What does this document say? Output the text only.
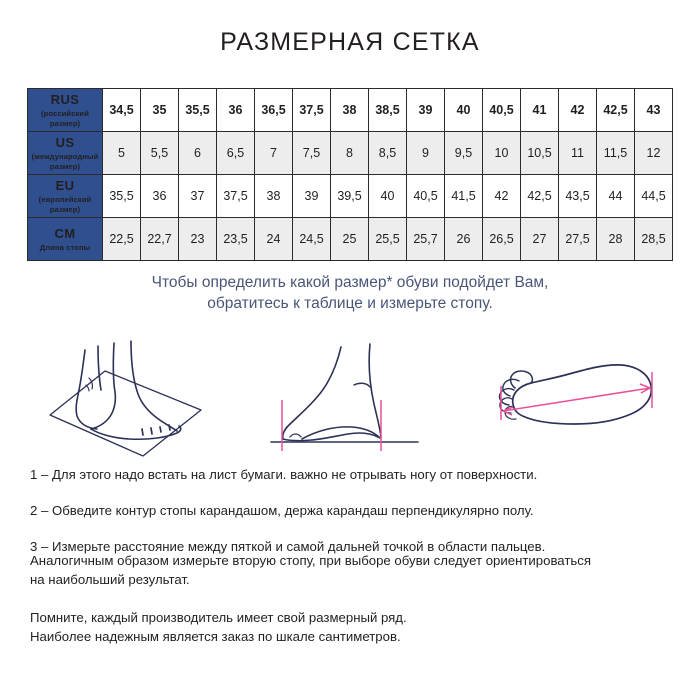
РАЗМЕРНАЯ СЕТКА
RUS
(российский размер)	34,5	35	35,5	36	36,5	37,5	38	38,5	39	40	40,5	41	42	42,5	43

US
(международный размер)	5	5,5	6	6,5	7	7,5	8	8,5	9	9,5	10	10,5	11	11,5	12

EU
(европейский размер)	35,5	36	37	37,5	38	39	39,5	40	40,5	41,5	42	42,5	43,5	44	44,5

CM
Длина стопы	22,5	22,7	23	23,5	24	24,5	25	25,5	25,7	26	26,5	27	27,5	28	28,5
Чтобы определить какой размер* обуви подойдет Вам,
обратитесь к таблице и измерьте стопу.
1 – Для этого надо встать на лист бумаги. важно не отрывать ногу от поверхности.
2 – Обведите контур стопы карандашом, держа карандаш перпендикулярно полу.
3 – Измерьте расстояние между пяткой и самой дальней точкой в области пальцев.
Аналогичным образом измерьте вторую стопу, при выборе обуви следует ориентироваться
на наибольший результат.
Помните, каждый производитель имеет свой размерный ряд.
Наиболее надежным является заказ по шкале сантиметров.
